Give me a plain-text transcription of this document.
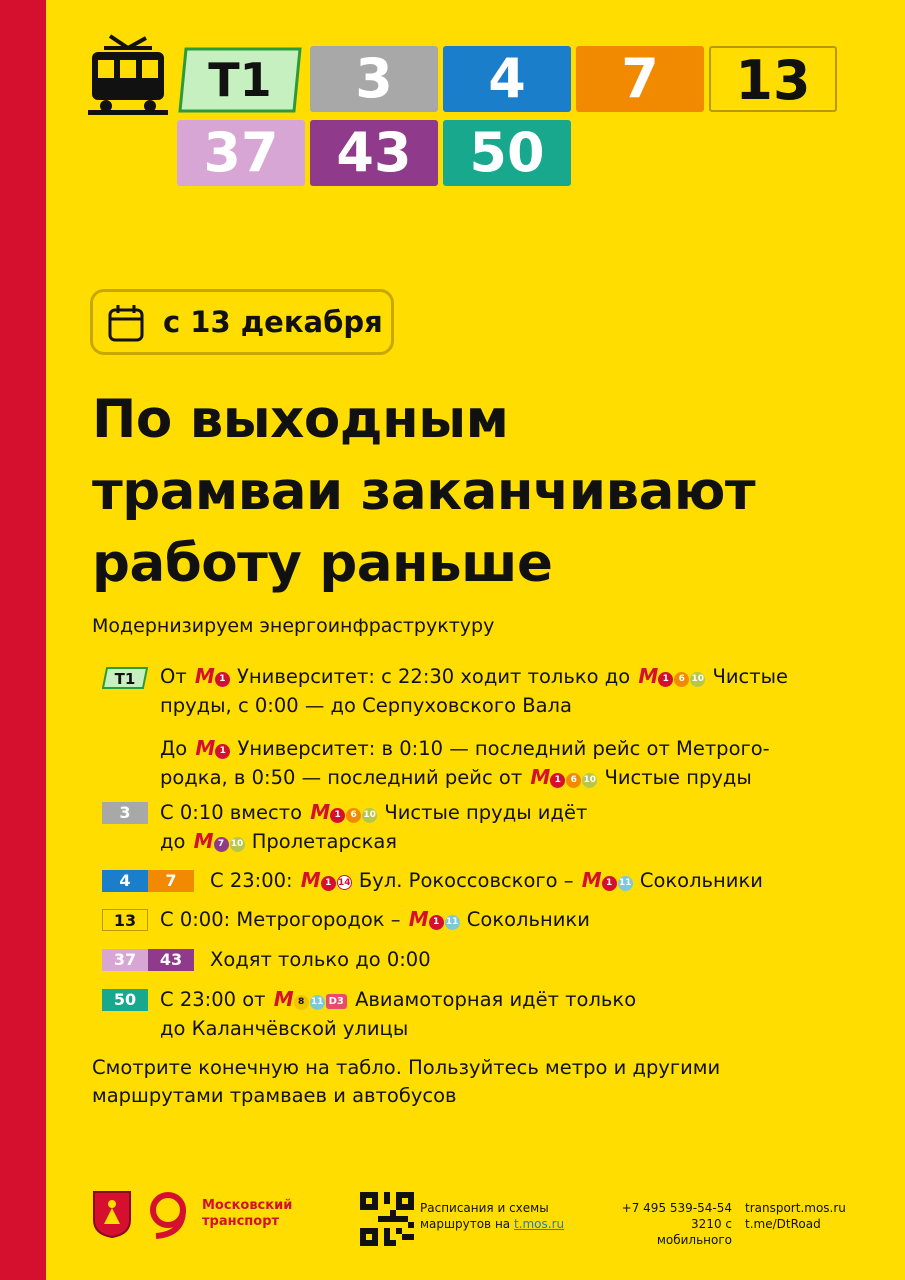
T1	3	4	7	13
37	43	50
с 13 декабря
По выходным
трамваи заканчивают
работу раньше
Модернизируем энергоинфраструктуру
T1 От М 1 Университет: с 22:30 ходит только до М 1 6 10 Чистые
пруды, с 0:00 — до Серпуховского Вала
До М 1 Университет: в 0:10 — последний рейс от Метрого-
родка, в 0:50 — последний рейс от М 1 6 10 Чистые пруды
3	С 0:10 вместо М 1 6 10 Чистые пруды идёт
до М 7 10 Пролетарская
4	7	С 23:00: М 1 14 Бул. Рокоссовского – М 1 11 Сокольники
13	С 0:00: Метрогородок – М 1 11 Сокольники
37	43	Ходят только до 0:00
50	С 23:00 от М 8 11 D3 Авиамоторная идёт только
до Каланчёвской улицы
Смотрите конечную на табло. Пользуйтесь метро и другими маршрутами трамваев и автобусов
Московский
транспорт
Расписания и схемы
маршрутов на t.mos.ru
+7 495 539-54-54
3210 с мобильного
transport.mos.ru
t.me/DtRoad
